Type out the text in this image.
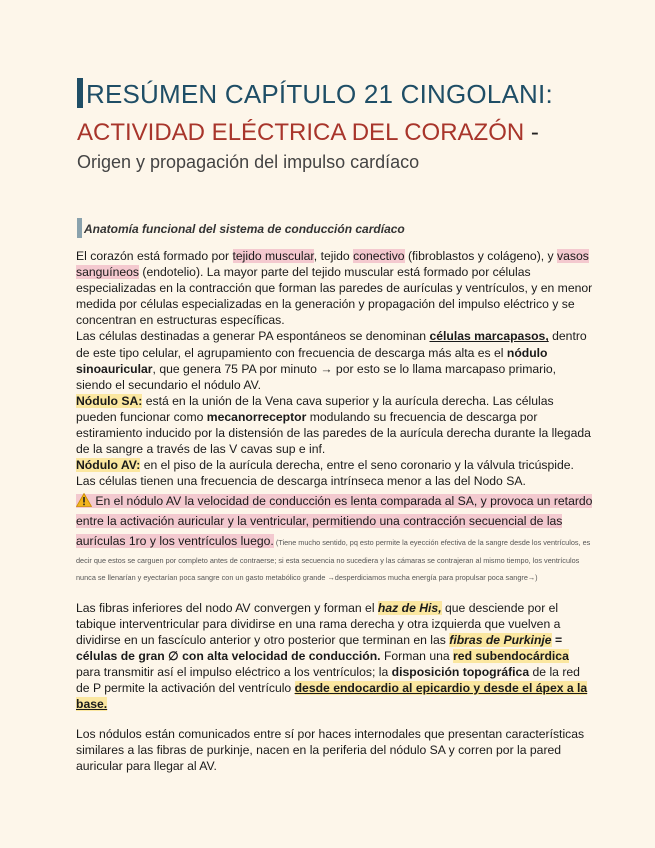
RESÚMEN CAPÍTULO 21 CINGOLANI:
ACTIVIDAD ELÉCTRICA DEL CORAZÓN -
Origen y propagación del impulso cardíaco
Anatomía funcional del sistema de conducción cardíaco

El corazón está formado por tejido muscular, tejido conectivo (fibroblastos y colágeno), y vasos sanguíneos (endotelio). La mayor parte del tejido muscular está formado por células especializadas en la contracción que forman las paredes de aurículas y ventrículos, y en menor medida por células especializadas en la generación y propagación del impulso eléctrico y se concentran en estructuras específicas.

Las células destinadas a generar PA espontáneos se denominan células marcapasos, dentro de este tipo celular, el agrupamiento con frecuencia de descarga más alta es el nódulo sinoauricular, que genera 75 PA por minuto → por esto se lo llama marcapaso primario, siendo el secundario el nódulo AV.

Nódulo SA: está en la unión de la Vena cava superior y la aurícula derecha. Las células pueden funcionar como mecanorreceptor modulando su frecuencia de descarga por estiramiento inducido por la distensión de las paredes de la aurícula derecha durante la llegada de la sangre a través de las V cavas sup e inf.

Nódulo AV: en el piso de la aurícula derecha, entre el seno coronario y la válvula tricúspide. Las células tienen una frecuencia de descarga intrínseca menor a las del Nodo SA.

En el nódulo AV la velocidad de conducción es lenta comparada al SA, y provoca un retardo entre la activación auricular y la ventricular, permitiendo una contracción secuencial de las aurículas 1ro y los ventrículos luego. (Tiene mucho sentido, pq esto permite la eyección efectiva de la sangre desde los ventrículos, es decir que estos se carguen por completo antes de contraerse; si esta secuencia no sucediera y las cámaras se contrajeran al mismo tiempo, los ventrículos nunca se llenarían y eyectarían poca sangre con un gasto metabólico grande →desperdiciamos mucha energía para propulsar poca sangre→)

Las fibras inferiores del nodo AV convergen y forman el haz de His, que desciende por el tabique interventricular para dividirse en una rama derecha y otra izquierda que vuelven a dividirse en un fascículo anterior y otro posterior que terminan en las fibras de Purkinje = células de gran ∅ con alta velocidad de conducción. Forman una red subendocárdica para transmitir así el impulso eléctrico a los ventrículos; la disposición topográfica de la red de P permite la activación del ventrículo desde endocardio al epicardio y desde el ápex a la base.

Los nódulos están comunicados entre sí por haces internodales que presentan características similares a las fibras de purkinje, nacen en la periferia del nódulo SA y corren por la pared auricular para llegar al AV.
